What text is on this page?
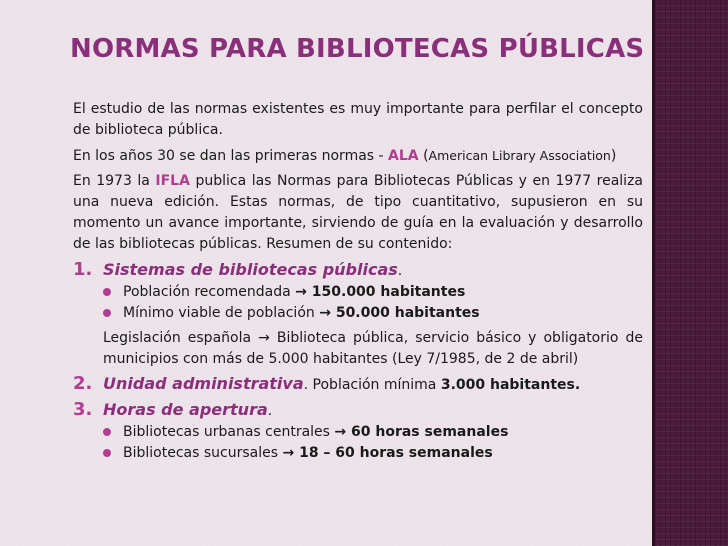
NORMAS PARA BIBLIOTECAS PÚBLICAS

El estudio de las normas existentes es muy importante para perfilar el concepto de biblioteca pública.

En los años 30 se dan las primeras normas - ALA (American Library Association)

En 1973 la IFLA publica las Normas para Bibliotecas Públicas y en 1977 realiza una nueva edición. Estas normas, de tipo cuantitativo, supusieron en su momento un avance importante, sirviendo de guía en la evaluación y desarrollo de las bibliotecas públicas. Resumen de su contenido:

1. Sistemas de bibliotecas públicas.
Población recomendada → 150.000 habitantes
Mínimo viable de población → 50.000 habitantes
Legislación española → Biblioteca pública, servicio básico y obligatorio de municipios con más de 5.000 habitantes (Ley 7/1985, de 2 de abril)
2. Unidad administrativa. Población mínima 3.000 habitantes.
3. Horas de apertura.
Bibliotecas urbanas centrales → 60 horas semanales
Bibliotecas sucursales → 18 – 60 horas semanales
